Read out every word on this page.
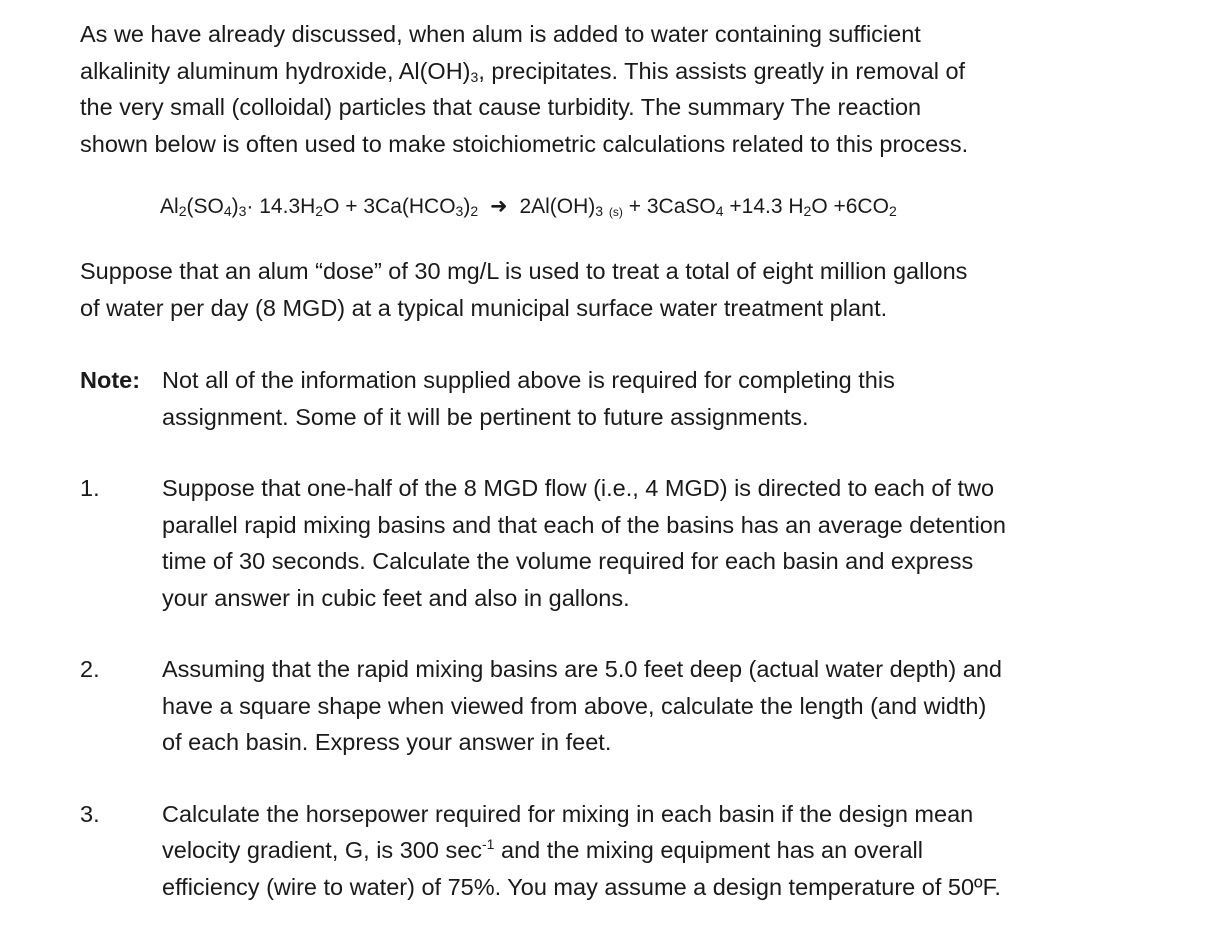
As we have already discussed, when alum is added to water containing sufficient
alkalinity aluminum hydroxide, $Al(OH)_3$, precipitates. This assists greatly in removal of
the very small (colloidal) particles that cause turbidity. The summary The reaction
shown below is often used to make stoichiometric calculations related to this process.

$Al_2(SO_4)_3\cdot 14.3H_2O + 3Ca(HCO_3)_2$ ➜ $2Al(OH)_3$ (s) + 3CaSO$_4$ +14.3 $H_2O +6CO_2$

Suppose that an alum “dose” of 30 mg/L is used to treat a total of eight million gallons
of water per day (8 MGD) at a typical municipal surface water treatment plant.

Note: Not all of the information supplied above is required for completing this
assignment. Some of it will be pertinent to future assignments.
1.	Suppose that one-half of the 8 MGD flow (i.e., 4 MGD) is directed to each of two
parallel rapid mixing basins and that each of the basins has an average detention
time of 30 seconds. Calculate the volume required for each basin and express
your answer in cubic feet and also in gallons.
2.	Assuming that the rapid mixing basins are 5.0 feet deep (actual water depth) and
have a square shape when viewed from above, calculate the length (and width)
of each basin. Express your answer in feet.
3.	Calculate the horsepower required for mixing in each basin if the design mean
velocity gradient, G, is 300 $\sec^{-1}$ and the mixing equipment has an overall
efficiency (wire to water) of 75%. You may assume a design temperature of 50ºF.
